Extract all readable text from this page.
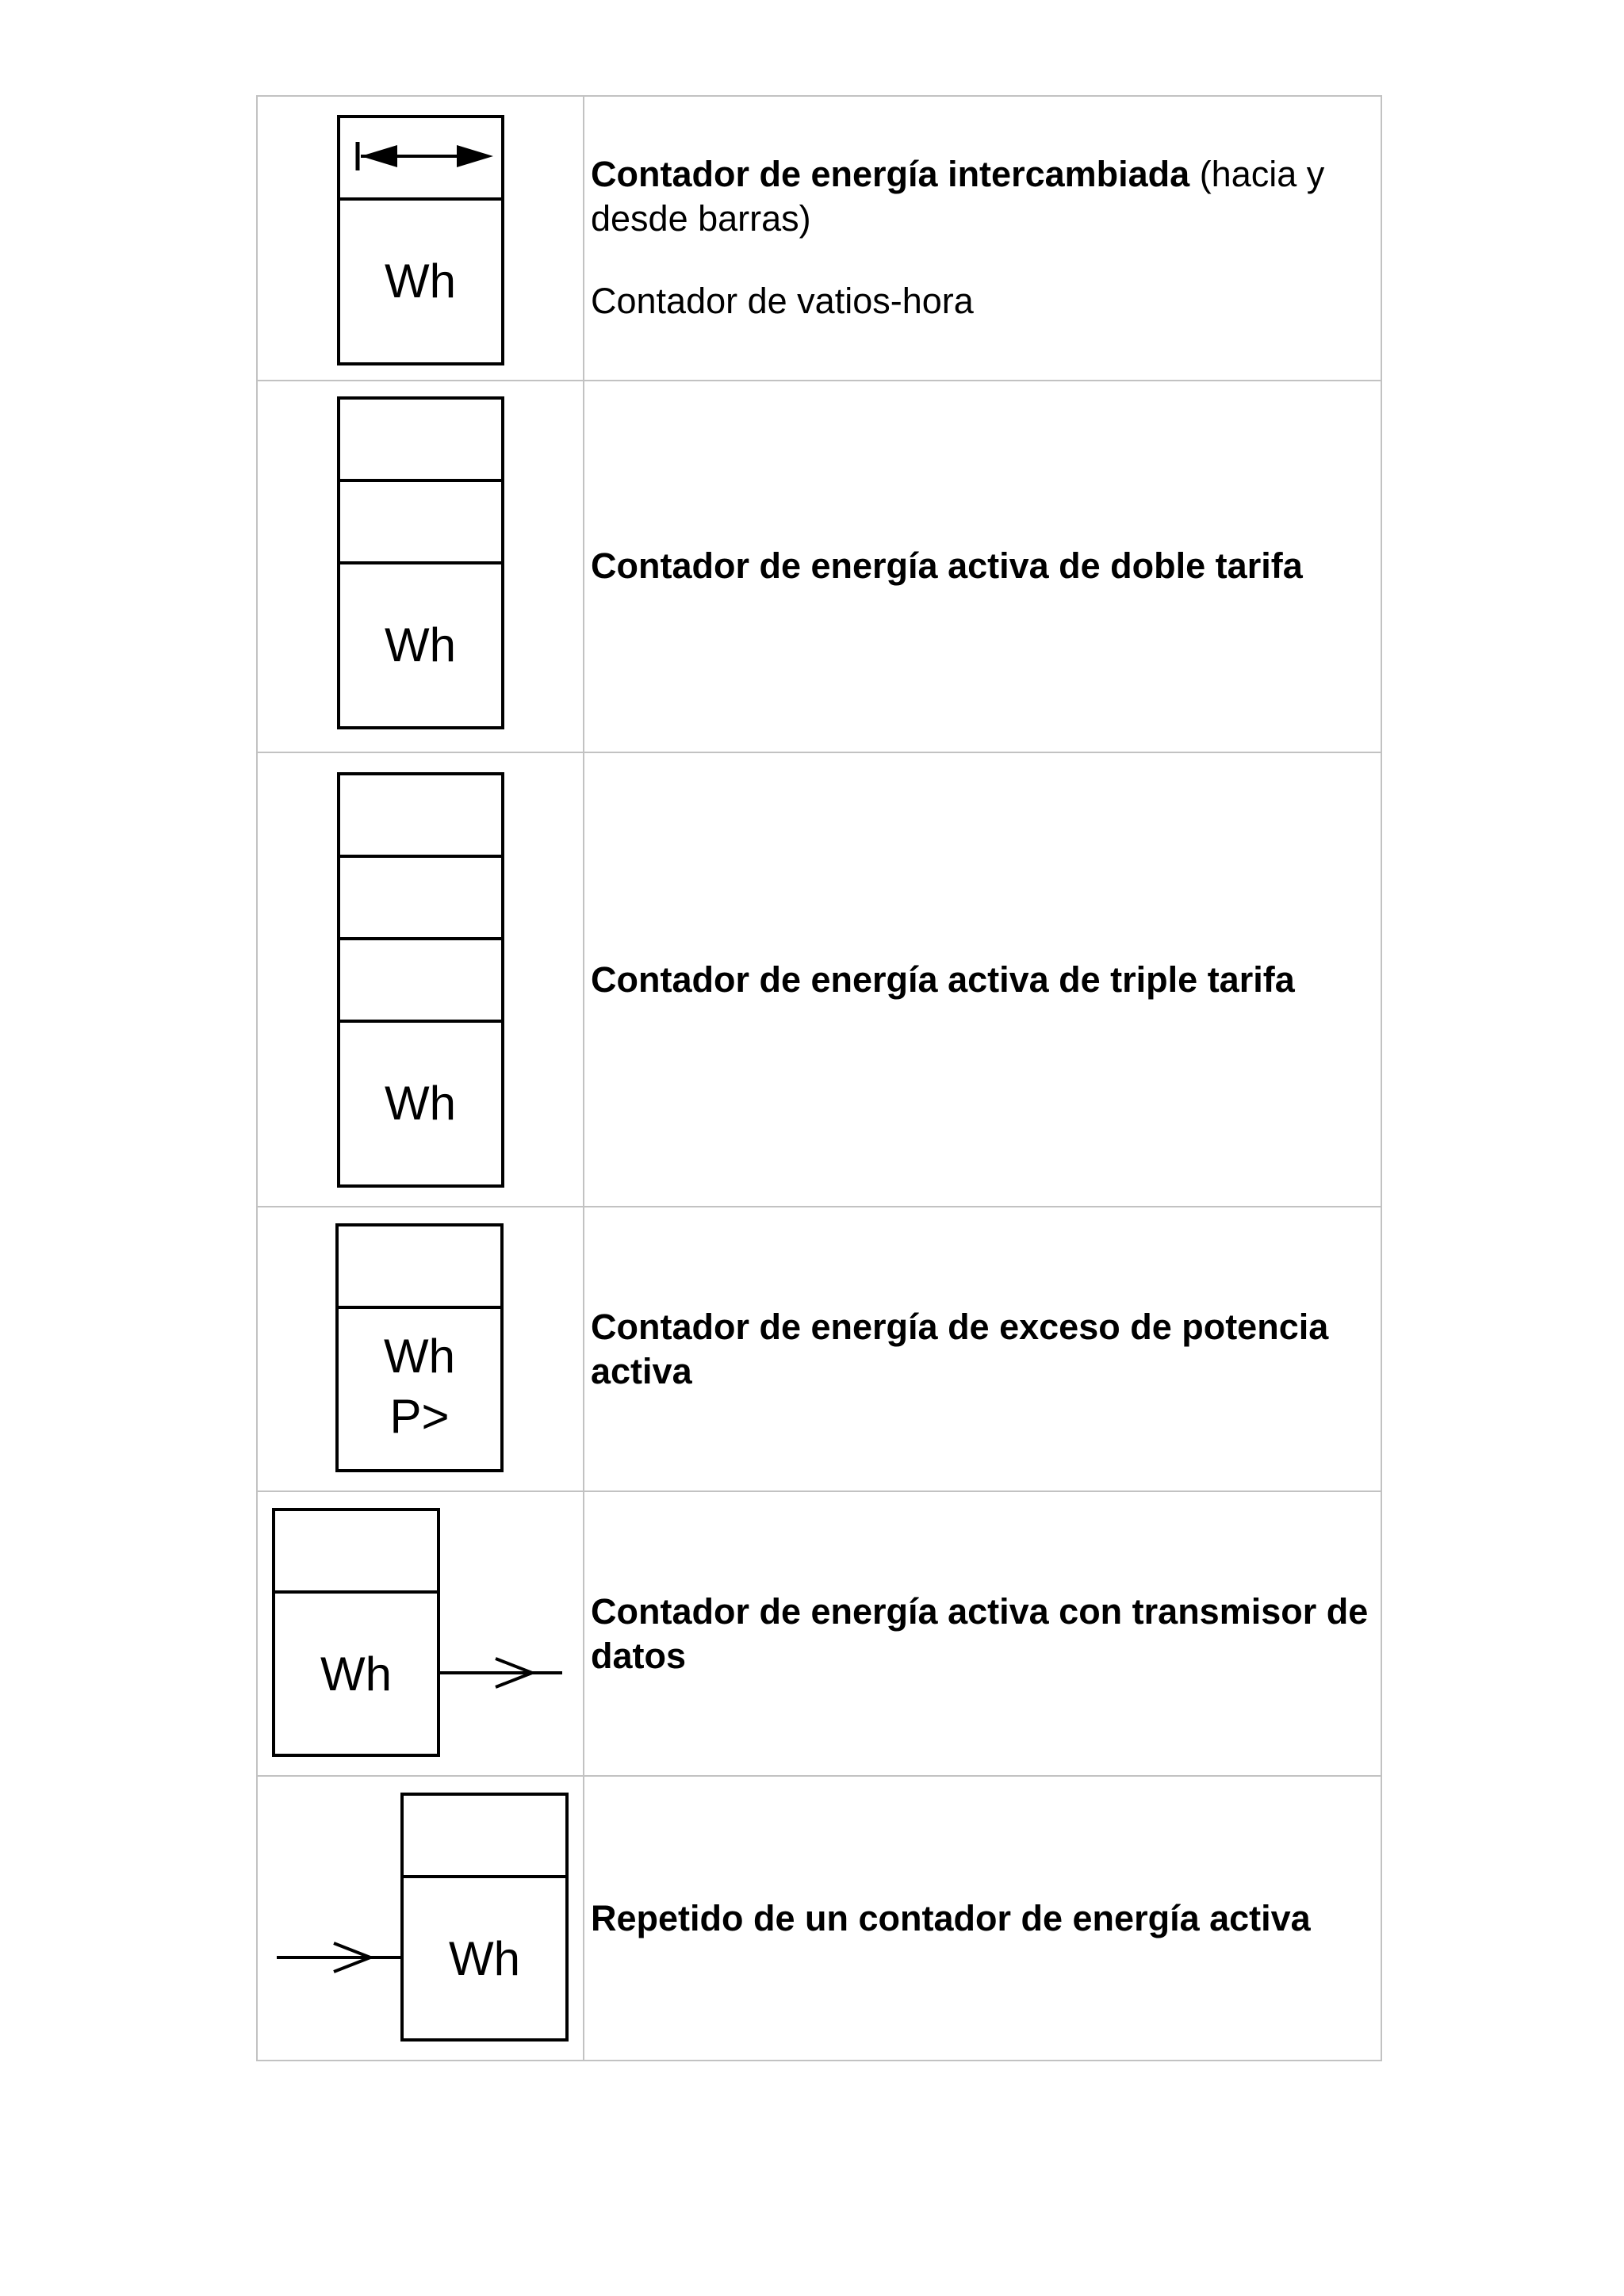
Wh	Contador de energía intercambiada (hacia y desde barras)

Contador de vatios-hora

Wh	Contador de energía activa de doble tarifa

Wh	Contador de energía activa de triple tarifa

Wh
P>	Contador de energía de exceso de potencia activa

Wh	Contador de energía activa con transmisor de datos

Wh	Repetido de un contador de energía activa
